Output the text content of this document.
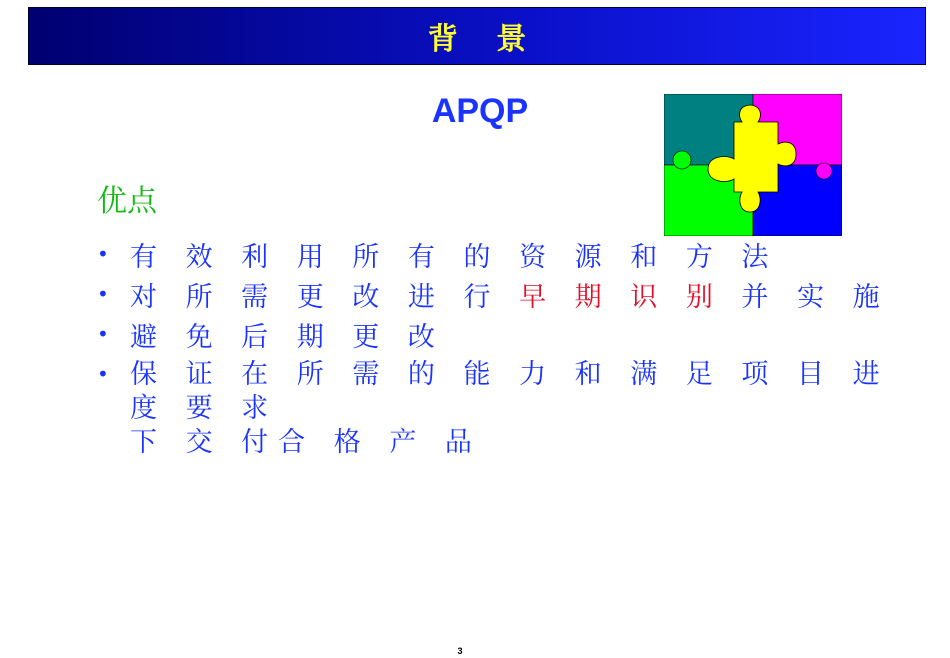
背 景
APQP
优点
• 有 效 利 用 所 有 的 资 源 和 方 法
• 对 所 需 更 改 进 行 早 期 识 别 并 实 施
• 避 免 后 期 更 改
• 保 证 在 所 需 的 能 力 和 满 足 项 目 进 度 要 求
下 交 付合 格 产 品
3
